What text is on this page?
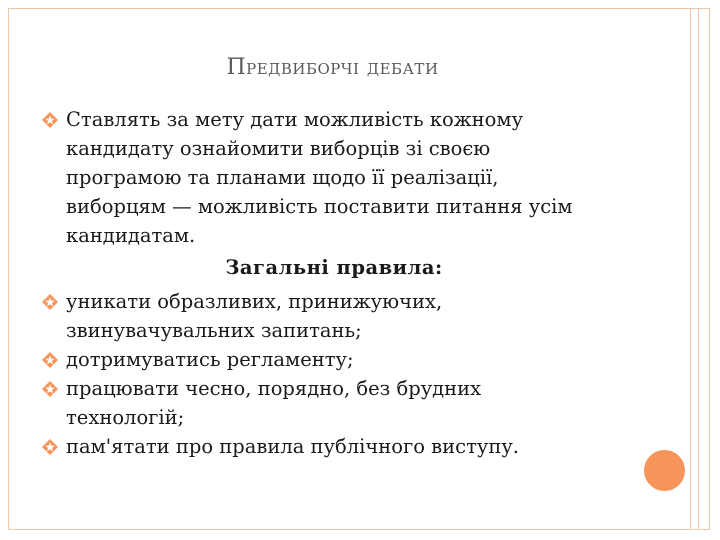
Предвиборчі дебати
Ставлять за мету дати можливість кожному кандидату ознайомити виборців зі своєю програмою та планами щодо її реалізації, виборцям — можливість поставити питання усім кандидатам.
Загальні правила:
уникати образливих, принижуючих, звинувачувальних запитань;
дотримуватись регламенту;
працювати чесно, порядно, без брудних технологій;
пам'ятати про правила публічного виступу.
